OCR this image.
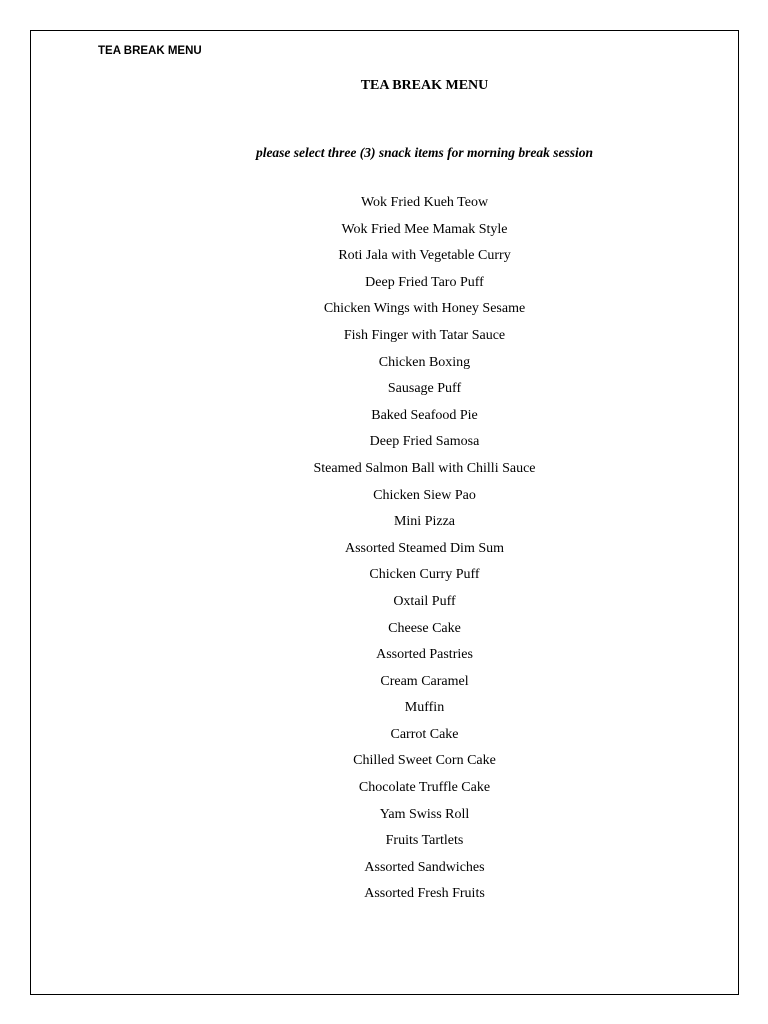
TEA BREAK MENU
TEA BREAK MENU
please select three (3) snack items for morning break session
Wok Fried Kueh Teow
Wok Fried Mee Mamak Style
Roti Jala with Vegetable Curry
Deep Fried Taro Puff
Chicken Wings with Honey Sesame
Fish Finger with Tatar Sauce
Chicken Boxing
Sausage Puff
Baked Seafood Pie
Deep Fried Samosa
Steamed Salmon Ball with Chilli Sauce
Chicken Siew Pao
Mini Pizza
Assorted Steamed Dim Sum
Chicken Curry Puff
Oxtail Puff
Cheese Cake
Assorted Pastries
Cream Caramel
Muffin
Carrot Cake
Chilled Sweet Corn Cake
Chocolate Truffle Cake
Yam Swiss Roll
Fruits Tartlets
Assorted Sandwiches
Assorted Fresh Fruits
